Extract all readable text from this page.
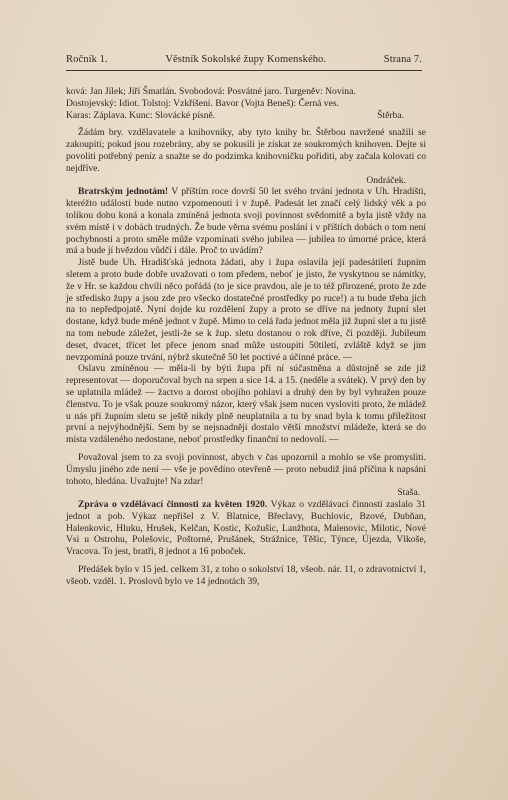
Ročník 1.	Věstník Sokolské župy Komenského.	Strana 7.

ková: Jan Jílek; Jiří Šmatlán. Svobodová: Posvátné jaro. Turgeněv: Novina.

Dostojevský: Idiot. Tolstoj: Vzkříšení. Bavor (Vojta Beneš): Černá ves.

Karas: Záplava. Kunc: Slovácké písně.	Štěrba.

Žádám bry. vzdělavatele a knihovníky, aby tyto knihy br. Štěrbou navržené snažili se zakoupiti; pokud jsou rozebrány, aby se pokusili je získat ze soukromých knihoven. Dejte si povoliti potřebný peníz a snažte se do podzimka knihovničku pořiditi, aby začala kolovati co nejdříve.

Ondráček.

Bratrským jednotám! V příštím roce dovrší 50 let svého trvání jednota v Uh. Hradišti, kteréžto události bude nutno vzpomenouti i v župě. Padesát let značí celý lidský věk a po tolikou dobu koná a konala zmíněná jednota svoji povinnost svědomitě a byla jistě vždy na svém místě i v dobách trudných. Že bude věrna svému poslání i v příštích dobách o tom není pochybnosti a proto směle může vzpomínati svého jubilea — jubilea to úmorné práce, která má a bude jí hvězdou vůdčí i dále. Proč to uvádím?

Jistě bude Uh. Hradišťská jednota žádati, aby i župa oslavila její padesátiletí župním sletem a proto bude dobře uvažovati o tom předem, neboť je jisto, že vyskytnou se námitky, že v Hr. se každou chvíli něco pořádá (to je sice pravdou, ale je to též přirozené, proto že zde je středisko župy a jsou zde pro všecko dostatečné prostředky po ruce!) a tu bude třeba jich na to nepředpojatě. Nyní dojde ku rozdělení župy a proto se dříve na jednoty župní slet dostane, když bude méně jednot v župě. Mimo to celá řada jednot měla již župní slet a tu jistě na tom nebude záležet, jestli-že se k žup. sletu dostanou o rok dříve, či později. Jubileum deset, dvacet, třicet let přece jenom snad může ustoupiti 50tiletí, zvláště když se jím nevzpomíná pouze trvání, nýbrž skutečně 50 let poctivé a účinné práce. —

Oslavu zmíněnou — měla-li by býti župa při ní súčastněna a důstojně se zde již representovat — doporučoval bych na srpen a sice 14. a 15. (neděle a svátek). V prvý den by se uplatnila mládež — žactvo a dorost obojího pohlaví a druhý den by byl vyhražen pouze členstvu. To je však pouze soukromý názor, který však jsem nucen vysloviti proto, že mládež u nás při župním sletu se ještě nikdy plně neuplatnila a tu by snad byla k tomu příležitost první a nejvýhodnější. Sem by se nejsnadněji dostalo větší množství mládeže, která se do místa vzdáleného nedostane, neboť prostředky finanční to nedovolí. —

Považoval jsem to za svoji povinnost, abych v čas upozornil a mohlo se vše promysliti. Úmyslu jiného zde není — vše je povědíno otevřeně — proto nebudiž jiná příčina k napsání tohoto, hledána. Uvažujte! Na zdar!

Staša.

Zpráva o vzdělávací činnosti za květen 1920. Výkaz o vzdělávací činnosti zaslalo 31 jednot a pob. Výkaz nepřišel z V. Blatnice, Břeclavy, Buchlovic, Bzové, Dubňan, Halenkovic, Hluku, Hrušek, Kelčan, Kostic, Kožušic, Lanžhota, Malenovic, Milotic, Nové Vsi u Ostrohu, Polešovic, Poštorné, Prušánek, Strážnice, Těšic, Týnce, Újezda, Vlkoše, Vracova. To jest, bratři, 8 jednot a 16 poboček.

Předášek bylo v 15 jed. celkem 31, z toho o sokolství 18, všeob. nár. 11, o zdravotnictví 1, všeob. vzděl. 1. Proslovů bylo ve 14 jednotách 39,
